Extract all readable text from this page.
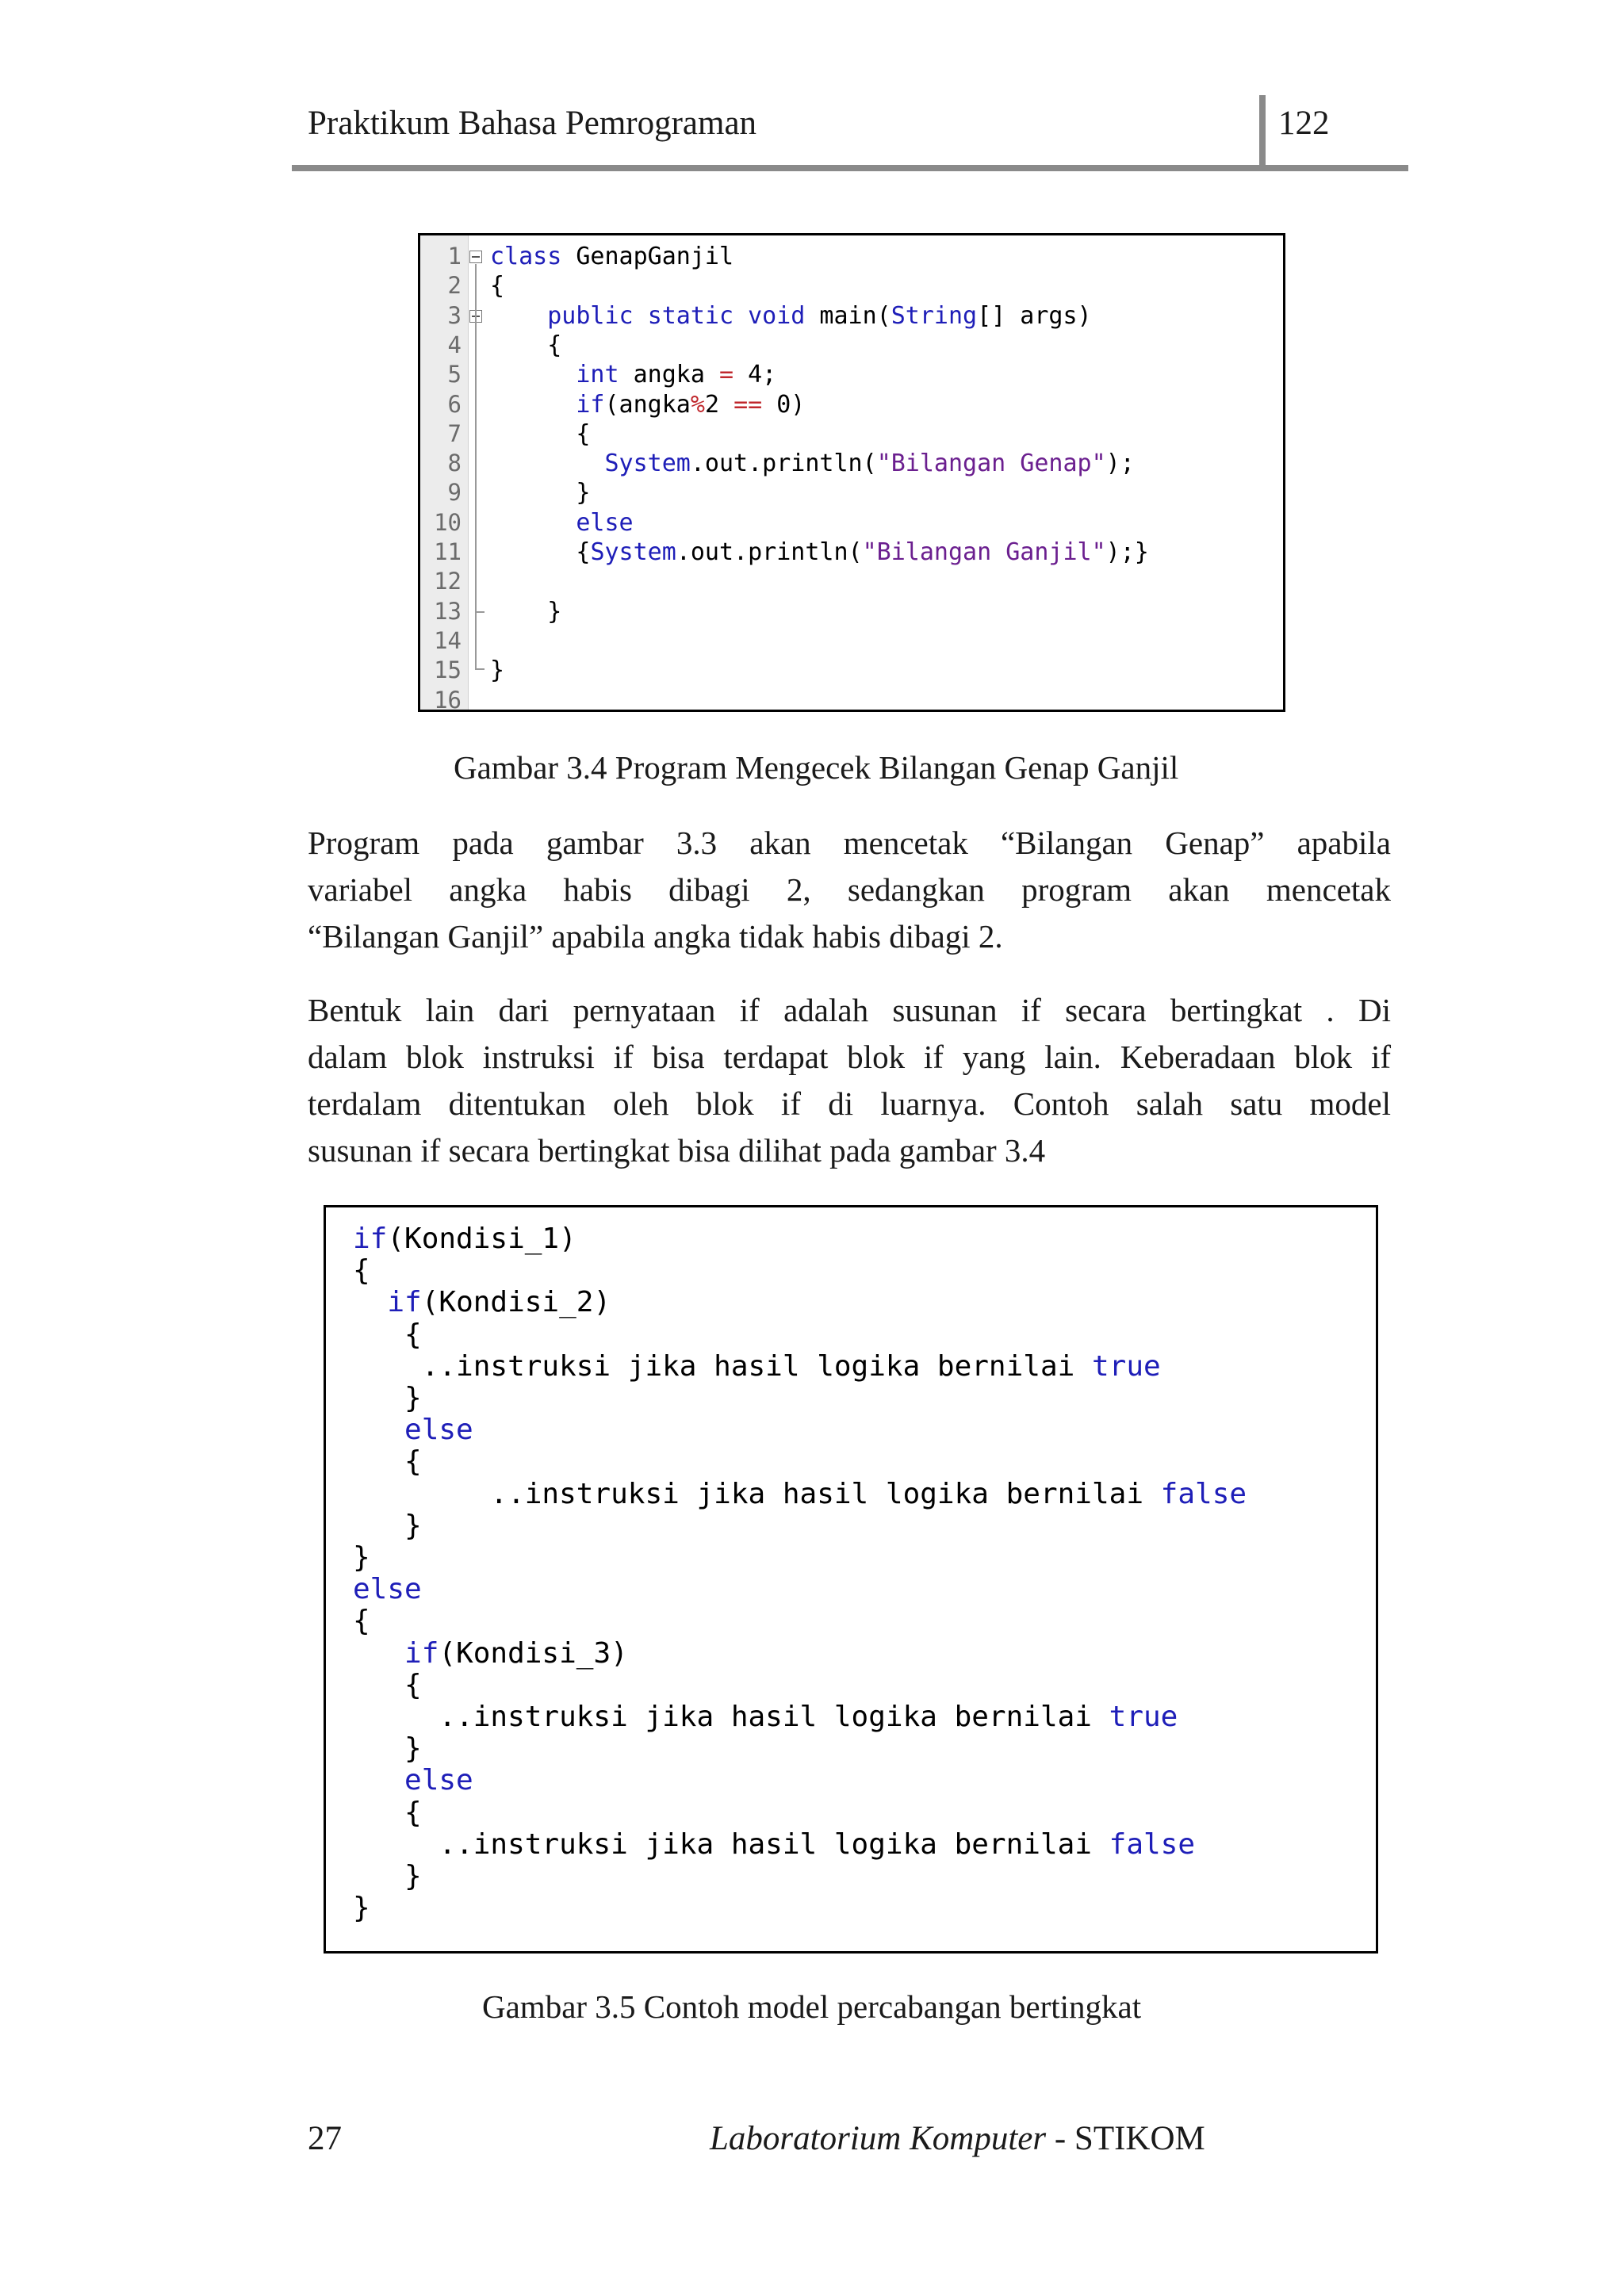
Praktikum Bahasa Pemrograman	122
1
2
3
4
5
6
7
8
9
10
11
12
13
14
15
16
class GenapGanjil
{
public static void main(String[] args)
{
int angka = 4;
if(angka%2 == 0)
{
System.out.println("Bilangan Genap");
}
else
{System.out.println("Bilangan Ganjil");}
}
}
Gambar 3.4 Program Mengecek Bilangan Genap Ganjil
Program pada gambar 3.3 akan mencetak “Bilangan Genap” apabila
variabel angka habis dibagi 2, sedangkan program akan mencetak
“Bilangan Ganjil” apabila angka tidak habis dibagi 2.
Bentuk lain dari pernyataan if adalah susunan if secara bertingkat . Di
dalam blok instruksi if bisa terdapat blok if yang lain. Keberadaan blok if
terdalam ditentukan oleh blok if di luarnya. Contoh salah satu model
susunan if secara bertingkat bisa dilihat pada gambar 3.4
if(Kondisi_1)
{
if(Kondisi_2)
{
..instruksi jika hasil logika bernilai true
}
else
{
..instruksi jika hasil logika bernilai false
}
}
else
{
if(Kondisi_3)
{
..instruksi jika hasil logika bernilai true
}
else
{
..instruksi jika hasil logika bernilai false
}
}
Gambar 3.5 Contoh model percabangan bertingkat
27	Laboratorium Komputer - STIKOM
